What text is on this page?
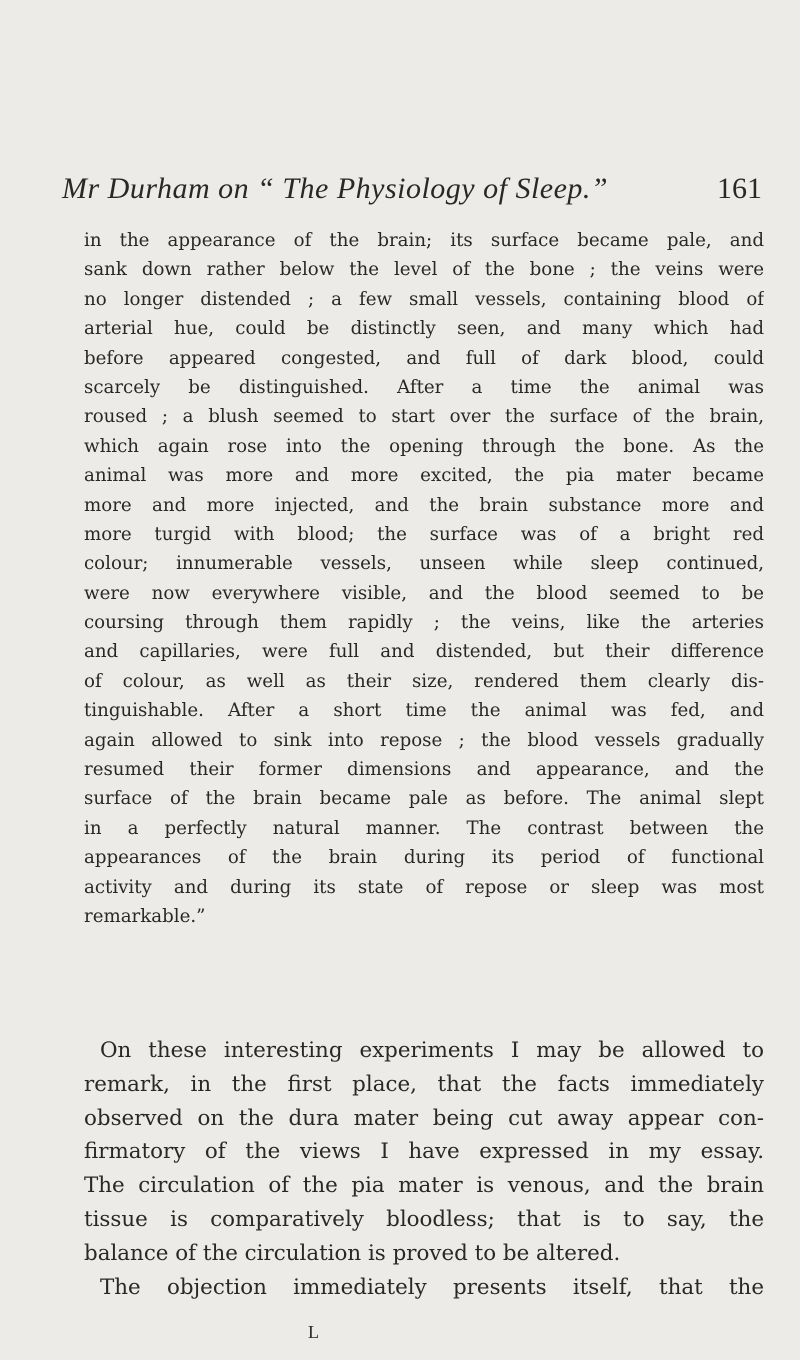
Mr Durham on “ The Physiology of Sleep.”	161
in the appearance of the brain; its surface became pale, and
sank down rather below the level of the bone ; the veins were
no longer distended ; a few small vessels, containing blood of
arterial hue, could be distinctly seen, and many which had
before appeared congested, and full of dark blood, could
scarcely be distinguished. After a time the animal was
roused ; a blush seemed to start over the surface of the brain,
which again rose into the opening through the bone. As the
animal was more and more excited, the pia mater became
more and more injected, and the brain substance more and
more turgid with blood; the surface was of a bright red
colour; innumerable vessels, unseen while sleep continued,
were now everywhere visible, and the blood seemed to be
coursing through them rapidly ; the veins, like the arteries
and capillaries, were full and distended, but their difference
of colour, as well as their size, rendered them clearly dis-
tinguishable. After a short time the animal was fed, and
again allowed to sink into repose ; the blood vessels gradually
resumed their former dimensions and appearance, and the
surface of the brain became pale as before. The animal slept
in a perfectly natural manner. The contrast between the
appearances of the brain during its period of functional
activity and during its state of repose or sleep was most
remarkable.”
On these interesting experiments I may be allowed to
remark, in the first place, that the facts immediately
observed on the dura mater being cut away appear con-
firmatory of the views I have expressed in my essay.
The circulation of the pia mater is venous, and the brain
tissue is comparatively bloodless; that is to say, the
balance of the circulation is proved to be altered.
The objection immediately presents itself, that the
L
